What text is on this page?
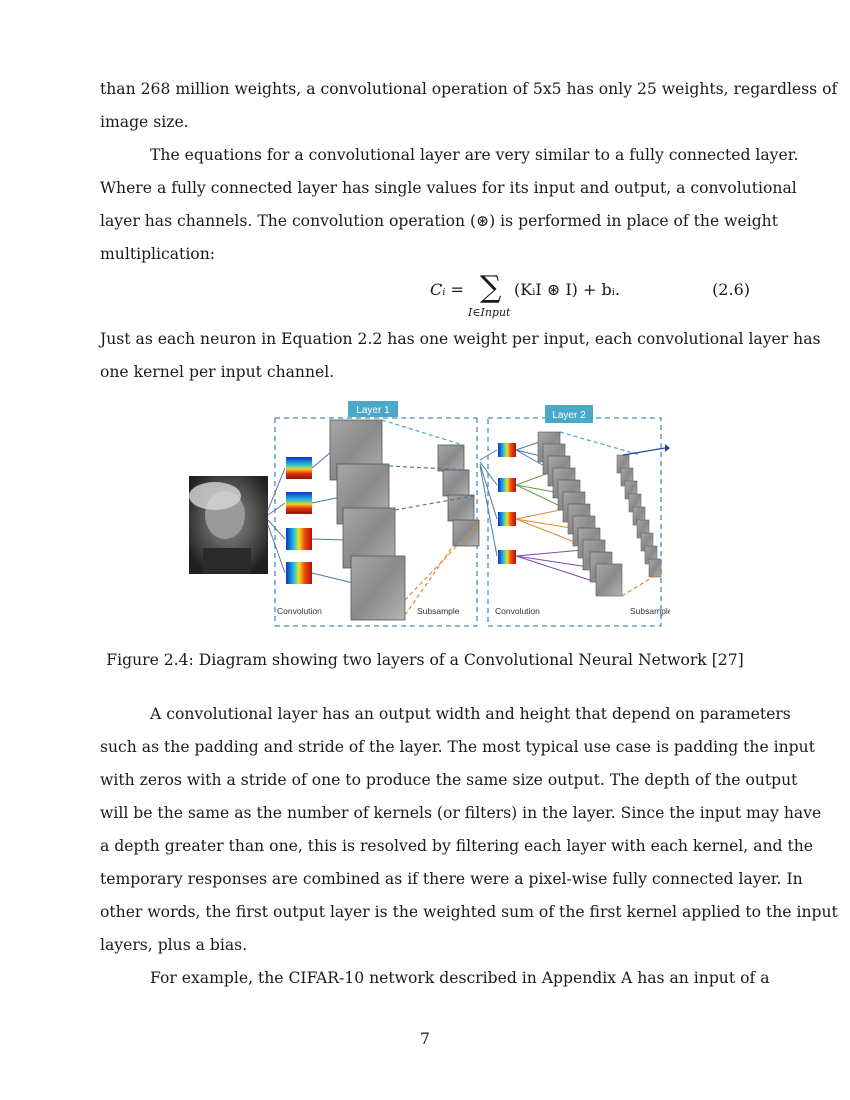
than 268 million weights, a convolutional operation of 5x5 has only 25 weights, regardless of
image size.
The equations for a convolutional layer are very similar to a fully connected layer.
Where a fully connected layer has single values for its input and output, a convolutional
layer has channels. The convolution operation (⊛) is performed in place of the weight
multiplication:
Cᵢ = ∑
I∈Input
(KᵢI ⊛ I) + bᵢ.	(2.6)
Just as each neuron in Equation 2.2 has one weight per input, each convolutional layer has
one kernel per input channel.
Layer 1	Layer 2
Convolution	Subsample	Convolution	Subsample
Figure 2.4: Diagram showing two layers of a Convolutional Neural Network [27]
A convolutional layer has an output width and height that depend on parameters
such as the padding and stride of the layer. The most typical use case is padding the input
with zeros with a stride of one to produce the same size output. The depth of the output
will be the same as the number of kernels (or filters) in the layer. Since the input may have
a depth greater than one, this is resolved by filtering each layer with each kernel, and the
temporary responses are combined as if there were a pixel-wise fully connected layer. In
other words, the first output layer is the weighted sum of the first kernel applied to the input
layers, plus a bias.
For example, the CIFAR-10 network described in Appendix A has an input of a
7
